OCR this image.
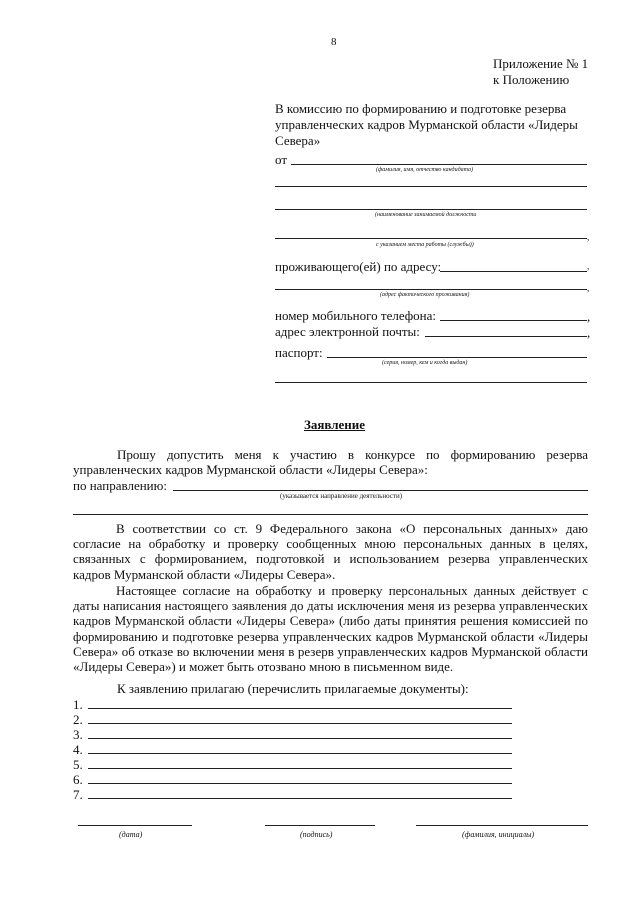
8
Приложение № 1
к Положению
В комиссию по формированию и подготовке резерва
управленческих кадров Мурманской области «Лидеры
Севера»
от
(фамилия, имя, отчество кандидата)
(наименование занимаемой должности
,
с указанием места работы (службы))
проживающего(ей) по адресу:	,
,
(адрес фактического проживания)
номер мобильного телефона:	,
адрес электронной почты:	,
паспорт:
(серия, номер, кем и когда выдан)
Заявление
Прошу допустить меня к участию в конкурсе по формированию резерва
управленческих кадров Мурманской области «Лидеры Севера»:
по направлению:
(указывается направление деятельности)
В соответствии со ст. 9 Федерального закона «О персональных данных» даю согласие на обработку и проверку сообщенных мною персональных данных в целях, связанных с формированием, подготовкой и использованием резерва управленческих кадров Мурманской области «Лидеры Севера».
Настоящее согласие на обработку и проверку персональных данных действует с даты написания настоящего заявления до даты исключения меня из резерва управленческих кадров Мурманской области «Лидеры Севера» (либо даты принятия решения комиссией по формированию и подготовке резерва управленческих кадров Мурманской области «Лидеры Севера» об отказе во включении меня в резерв управленческих кадров Мурманской области «Лидеры Севера») и может быть отозвано мною в письменном виде.
К заявлению прилагаю (перечислить прилагаемые документы):
1.
2.
3.
4.
5.
6.
7.
(дата)	(подпись)	(фамилия, инициалы)
